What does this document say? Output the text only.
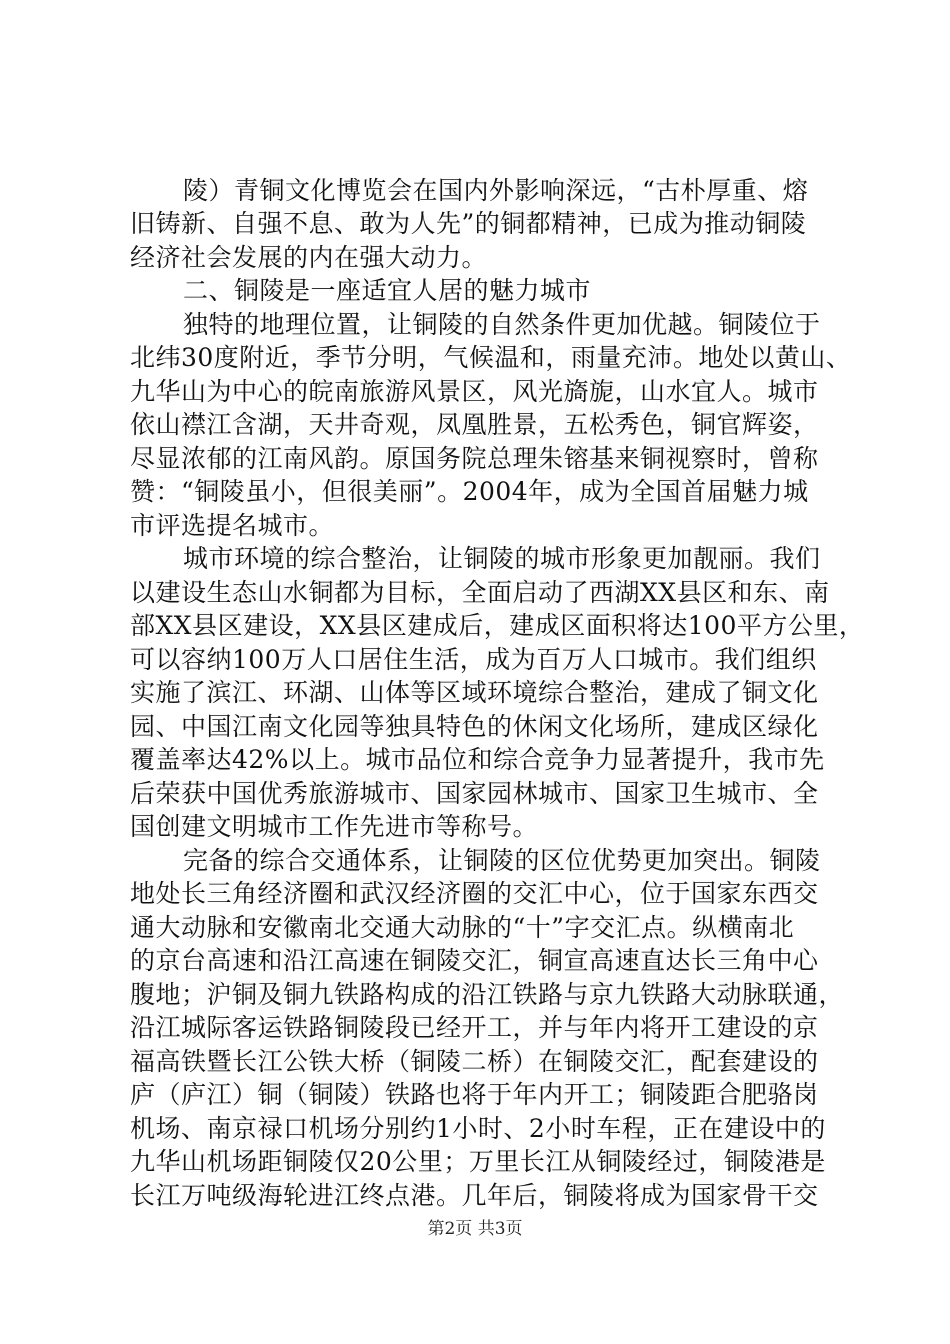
陵）青铜文化博览会在国内外影响深远，“古朴厚重、熔
旧铸新、自强不息、敢为人先”的铜都精神，已成为推动铜陵
经济社会发展的内在强大动力。
二、铜陵是一座适宜人居的魅力城市
独特的地理位置，让铜陵的自然条件更加优越。铜陵位于
北纬30度附近，季节分明，气候温和，雨量充沛。地处以黄山、
九华山为中心的皖南旅游风景区，风光旖旎，山水宜人。城市
依山襟江含湖，天井奇观，凤凰胜景，五松秀色，铜官辉姿，
尽显浓郁的江南风韵。原国务院总理朱镕基来铜视察时，曾称
赞：“铜陵虽小，但很美丽”。2004年，成为全国首届魅力城
市评选提名城市。
城市环境的综合整治，让铜陵的城市形象更加靓丽。我们
以建设生态山水铜都为目标，全面启动了西湖XX县区和东、南
部XX县区建设，XX县区建成后，建成区面积将达100平方公里，
可以容纳100万人口居住生活，成为百万人口城市。我们组织
实施了滨江、环湖、山体等区域环境综合整治，建成了铜文化
园、中国江南文化园等独具特色的休闲文化场所，建成区绿化
覆盖率达42%以上。城市品位和综合竞争力显著提升，我市先
后荣获中国优秀旅游城市、国家园林城市、国家卫生城市、全
国创建文明城市工作先进市等称号。
完备的综合交通体系，让铜陵的区位优势更加突出。铜陵
地处长三角经济圈和武汉经济圈的交汇中心，位于国家东西交
通大动脉和安徽南北交通大动脉的“十”字交汇点。纵横南北
的京台高速和沿江高速在铜陵交汇，铜宣高速直达长三角中心
腹地；沪铜及铜九铁路构成的沿江铁路与京九铁路大动脉联通，
沿江城际客运铁路铜陵段已经开工，并与年内将开工建设的京
福高铁暨长江公铁大桥（铜陵二桥）在铜陵交汇，配套建设的
庐（庐江）铜（铜陵）铁路也将于年内开工；铜陵距合肥骆岗
机场、南京禄口机场分别约1小时、2小时车程，正在建设中的
九华山机场距铜陵仅20公里；万里长江从铜陵经过，铜陵港是
长江万吨级海轮进江终点港。几年后，铜陵将成为国家骨干交
第2页 共3页
